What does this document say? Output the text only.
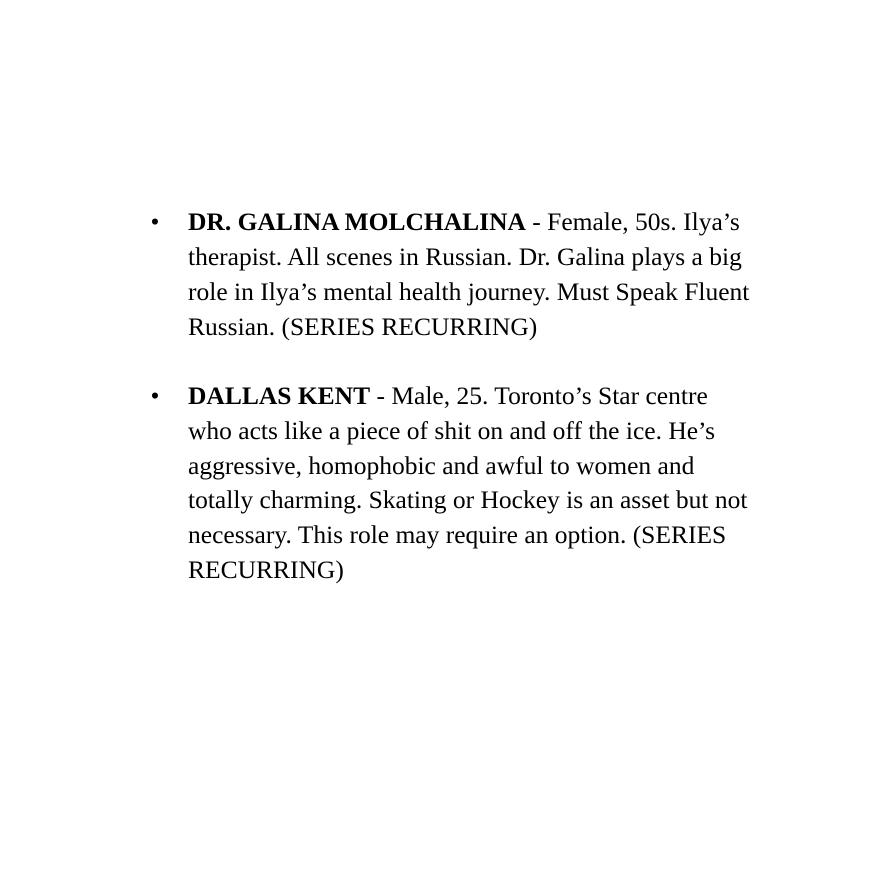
• DR. GALINA MOLCHALINA - Female, 50s. Ilya’s therapist. All scenes in Russian. Dr. Galina plays a big role in Ilya’s mental health journey. Must Speak Fluent Russian. (SERIES RECURRING)
• DALLAS KENT - Male, 25. Toronto’s Star centre who acts like a piece of shit on and off the ice. He’s aggressive, homophobic and awful to women and totally charming. Skating or Hockey is an asset but not necessary. This role may require an option. (SERIES RECURRING)
